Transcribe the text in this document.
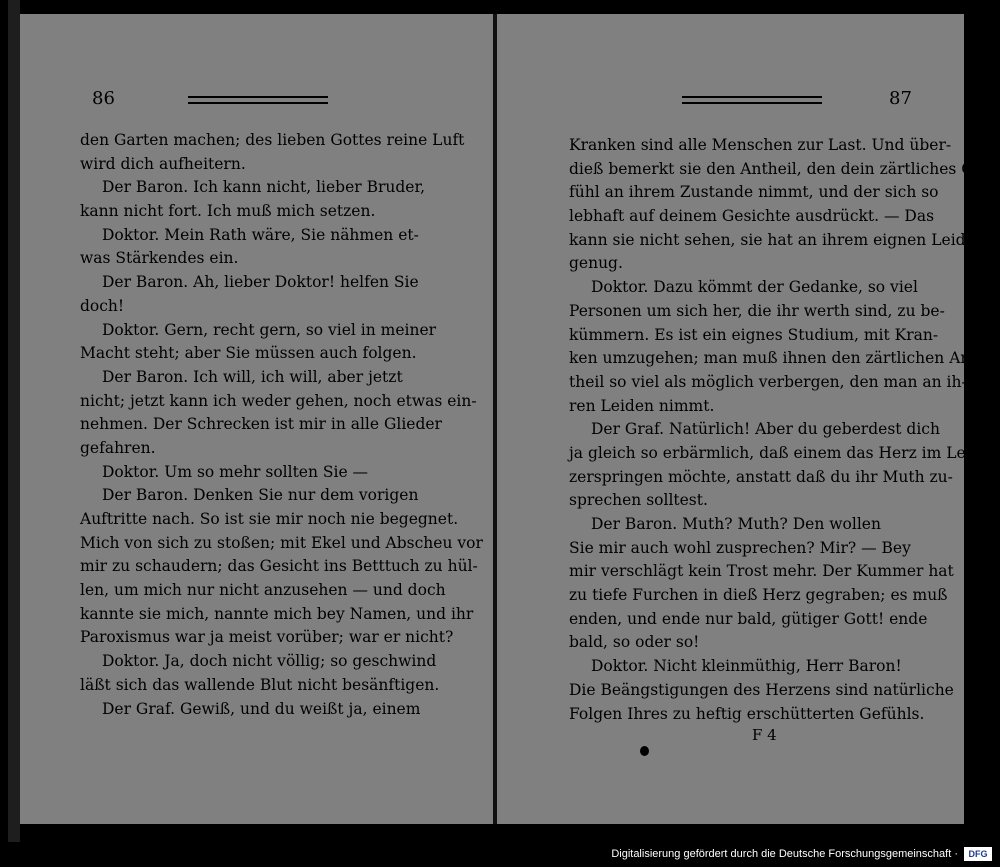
86
den Garten machen; des lieben Gottes reine Luft
wird dich aufheitern.
Der Baron. Ich kann nicht, lieber Bruder,
kann nicht fort. Ich muß mich setzen.
Doktor. Mein Rath wäre, Sie nähmen et-
was Stärkendes ein.
Der Baron. Ah, lieber Doktor! helfen Sie
doch!
Doktor. Gern, recht gern, so viel in meiner
Macht steht; aber Sie müssen auch folgen.
Der Baron. Ich will, ich will, aber jetzt
nicht; jetzt kann ich weder gehen, noch etwas ein-
nehmen. Der Schrecken ist mir in alle Glieder
gefahren.
Doktor. Um so mehr sollten Sie —
Der Baron. Denken Sie nur dem vorigen
Auftritte nach. So ist sie mir noch nie begegnet.
Mich von sich zu stoßen; mit Ekel und Abscheu vor
mir zu schaudern; das Gesicht ins Betttuch zu hül-
len, um mich nur nicht anzusehen — und doch
kannte sie mich, nannte mich bey Namen, und ihr
Paroxismus war ja meist vorüber; war er nicht?
Doktor. Ja, doch nicht völlig; so geschwind
läßt sich das wallende Blut nicht besänftigen.
Der Graf. Gewiß, und du weißt ja, einem
87
Kranken sind alle Menschen zur Last. Und über-
dieß bemerkt sie den Antheil, den dein zärtliches Ge-
fühl an ihrem Zustande nimmt, und der sich so
lebhaft auf deinem Gesichte ausdrückt. — Das
kann sie nicht sehen, sie hat an ihrem eignen Leiden
genug.
Doktor. Dazu kömmt der Gedanke, so viel
Personen um sich her, die ihr werth sind, zu be-
kümmern. Es ist ein eignes Studium, mit Kran-
ken umzugehen; man muß ihnen den zärtlichen An-
theil so viel als möglich verbergen, den man an ih-
ren Leiden nimmt.
Der Graf. Natürlich! Aber du geberdest dich
ja gleich so erbärmlich, daß einem das Herz im Leibe
zerspringen möchte, anstatt daß du ihr Muth zu-
sprechen solltest.
Der Baron. Muth? Muth? Den wollen
Sie mir auch wohl zusprechen? Mir? — Bey
mir verschlägt kein Trost mehr. Der Kummer hat
zu tiefe Furchen in dieß Herz gegraben; es muß
enden, und ende nur bald, gütiger Gott! ende
bald, so oder so!
Doktor. Nicht kleinmüthig, Herr Baron!
Die Beängstigungen des Herzens sind natürliche
Folgen Ihres zu heftig erschütterten Gefühls.
F 4
Digitalisierung gefördert durch die Deutsche Forschungsgemeinschaft ·	DFG
